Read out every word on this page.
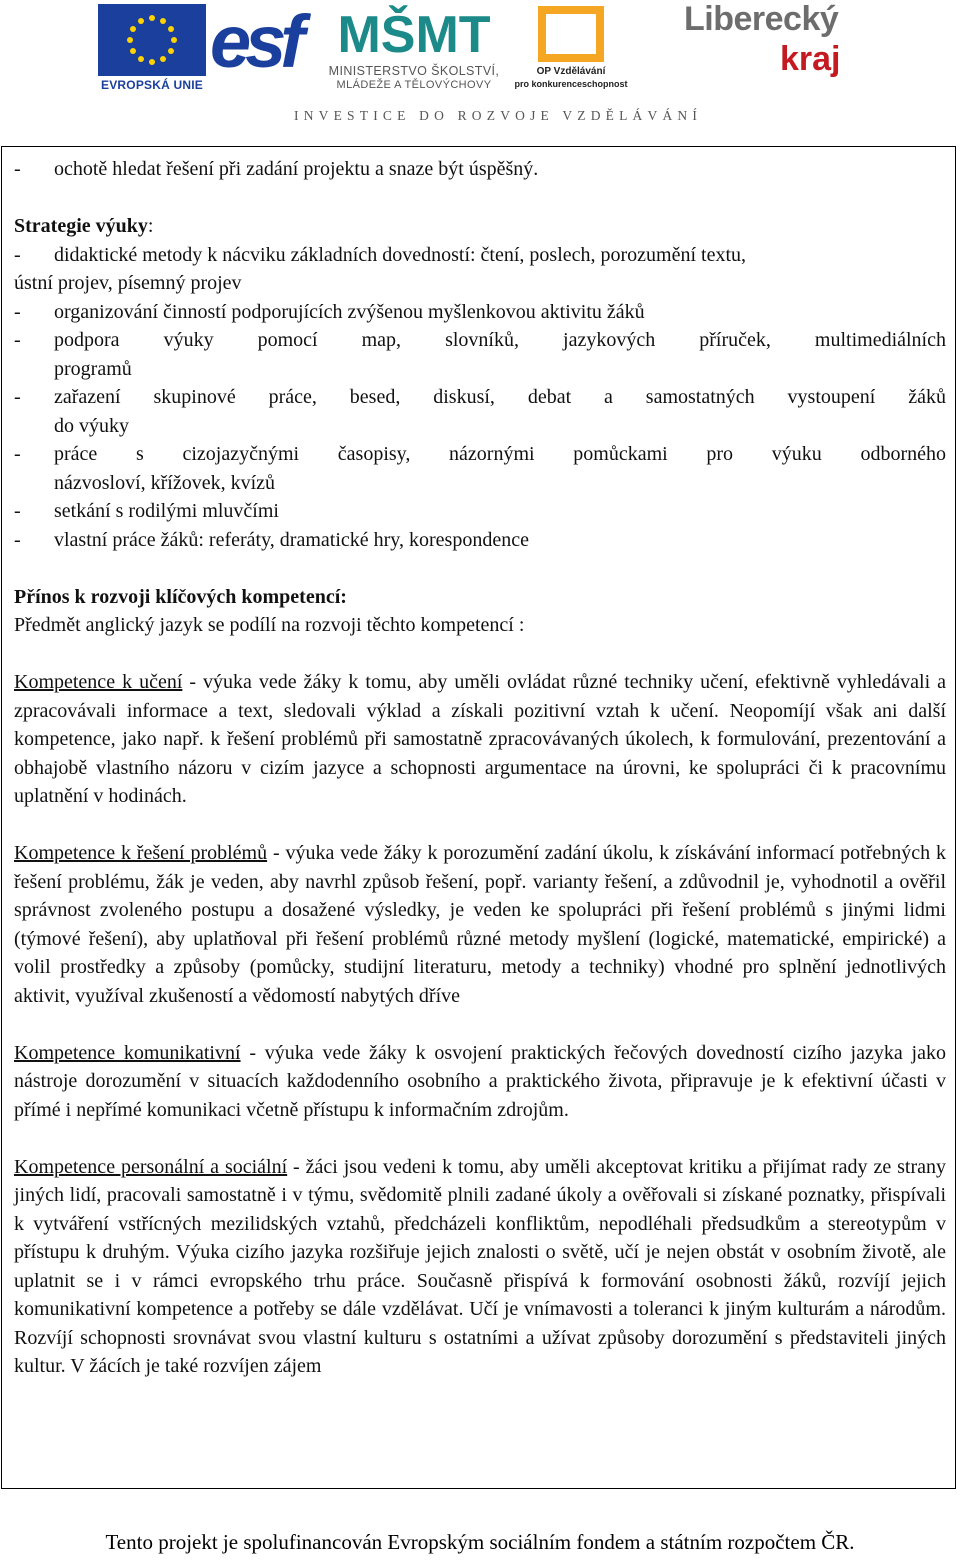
EVROPSKÁ UNIE
esf MŠMT
MINISTERSTVO ŠKOLSTVÍ,
MLÁDEŽE A TĚLOVÝCHOVY
OP Vzdělávání
pro konkurenceschopnost
Liberecký
kraj
INVESTICE DO ROZVOJE VZDĚLÁVÁNÍ
-	ochotě hledat řešení při zadání projektu a snaze být úspěšný.

Strategie výuky:

-	didaktické metody k nácviku základních dovedností: čtení, poslech, porozumění textu,

ústní projev, písemný projev

-	organizování činností podporujících zvýšenou myšlenkovou aktivitu žáků
-	podpora výuky pomocí map, slovníků, jazykových příruček, multimediálních

programů

-	zařazení skupinové práce, besed, diskusí, debat a samostatných vystoupení žáků

do výuky

-	práce s cizojazyčnými časopisy, názornými pomůckami pro výuku odborného

názvosloví, křížovek, kvízů

-	setkání s rodilými mluvčími
-	vlastní práce žáků: referáty, dramatické hry, korespondence

Přínos k rozvoji klíčových kompetencí:

Předmět anglický jazyk se podílí na rozvoji těchto kompetencí :

Kompetence k učení - výuka vede žáky k tomu, aby uměli ovládat různé techniky učení, efektivně vyhledávali a zpracovávali informace a text, sledovali výklad a získali pozitivní vztah k učení. Neopomíjí však ani další kompetence, jako např. k řešení problémů při samostatně zpracovávaných úkolech, k formulování, prezentování a obhajobě vlastního názoru v cizím jazyce a schopnosti argumentace na úrovni, ke spolupráci či k pracovnímu uplatnění v hodinách.

Kompetence k řešení problémů - výuka vede žáky k porozumění zadání úkolu, k získávání informací potřebných k řešení problému, žák je veden, aby navrhl způsob řešení, popř. varianty řešení, a zdůvodnil je, vyhodnotil a ověřil správnost zvoleného postupu a dosažené výsledky, je veden ke spolupráci při řešení problémů s jinými lidmi (týmové řešení), aby uplatňoval při řešení problémů různé metody myšlení (logické, matematické, empirické) a volil prostředky a způsoby (pomůcky, studijní literaturu, metody a techniky) vhodné pro splnění jednotlivých aktivit, využíval zkušeností a vědomostí nabytých dříve

Kompetence komunikativní - výuka vede žáky k osvojení praktických řečových dovedností cizího jazyka jako nástroje dorozumění v situacích každodenního osobního a praktického života, připravuje je k efektivní účasti v přímé i nepřímé komunikaci včetně přístupu k informačním zdrojům.

Kompetence personální a sociální - žáci jsou vedeni k tomu, aby uměli akceptovat kritiku a přijímat rady ze strany jiných lidí, pracovali samostatně i v týmu, svědomitě plnili zadané úkoly a ověřovali si získané poznatky, přispívali k vytváření vstřícných mezilidských vztahů, předcházeli konfliktům, nepodléhali předsudkům a stereotypům v přístupu k druhým. Výuka cizího jazyka rozšiřuje jejich znalosti o světě, učí je nejen obstát v osobním životě, ale uplatnit se i v rámci evropského trhu práce. Současně přispívá k formování osobnosti žáků, rozvíjí jejich komunikativní kompetence a potřeby se dále vzdělávat. Učí je vnímavosti a toleranci k jiným kulturám a národům. Rozvíjí schopnosti srovnávat svou vlastní kulturu s ostatními a užívat způsoby dorozumění s představiteli jiných kultur. V žácích je také rozvíjen zájem

Tento projekt je spolufinancován Evropským sociálním fondem a státním rozpočtem ČR.
